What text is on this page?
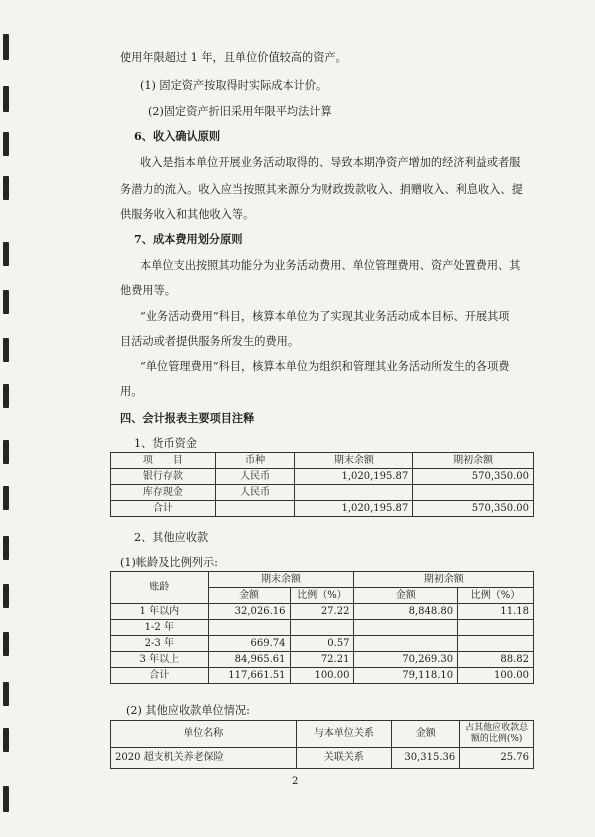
使用年限超过 1 年，且单位价值较高的资产。
(1) 固定资产按取得时实际成本计价。
(2)固定资产折旧采用年限平均法计算
6、收入确认原则
收入是指本单位开展业务活动取得的、导致本期净资产增加的经济利益或者服
务潜力的流入。收入应当按照其来源分为财政拨款收入、捐赠收入、利息收入、提
供服务收入和其他收入等。
7、成本费用划分原则
本单位支出按照其功能分为业务活动费用、单位管理费用、资产处置费用、其
他费用等。
“业务活动费用”科目，核算本单位为了实现其业务活动成本目标、开展其项
目活动或者提供服务所发生的费用。
“单位管理费用”科目，核算本单位为组织和管理其业务活动所发生的各项费
用。
四、会计报表主要项目注释
1、货币资金
项　　目	币种	期末余额	期初余额
银行存款	人民币	1,020,195.87	570,350.00
库存现金	人民币		
合计		1,020,195.87	570,350.00
2、其他应收款
(1)帐龄及比例列示:
账龄	期末余额		期初余额	
	金额	比例（%）	金额	比例（%）
1 年以内	32,026.16	27.22	8,848.80	11.18
1-2 年				
2-3 年	669.74	0.57		
3 年以上	84,965.61	72.21	70,269.30	88.82
合计	117,661.51	100.00	79,118.10	100.00
(2) 其他应收款单位情况:
单位名称	与本单位关系	金额	占其他应收款总额的比例(%)
2020 超支机关养老保险	关联关系	30,315.36	25.76
2
